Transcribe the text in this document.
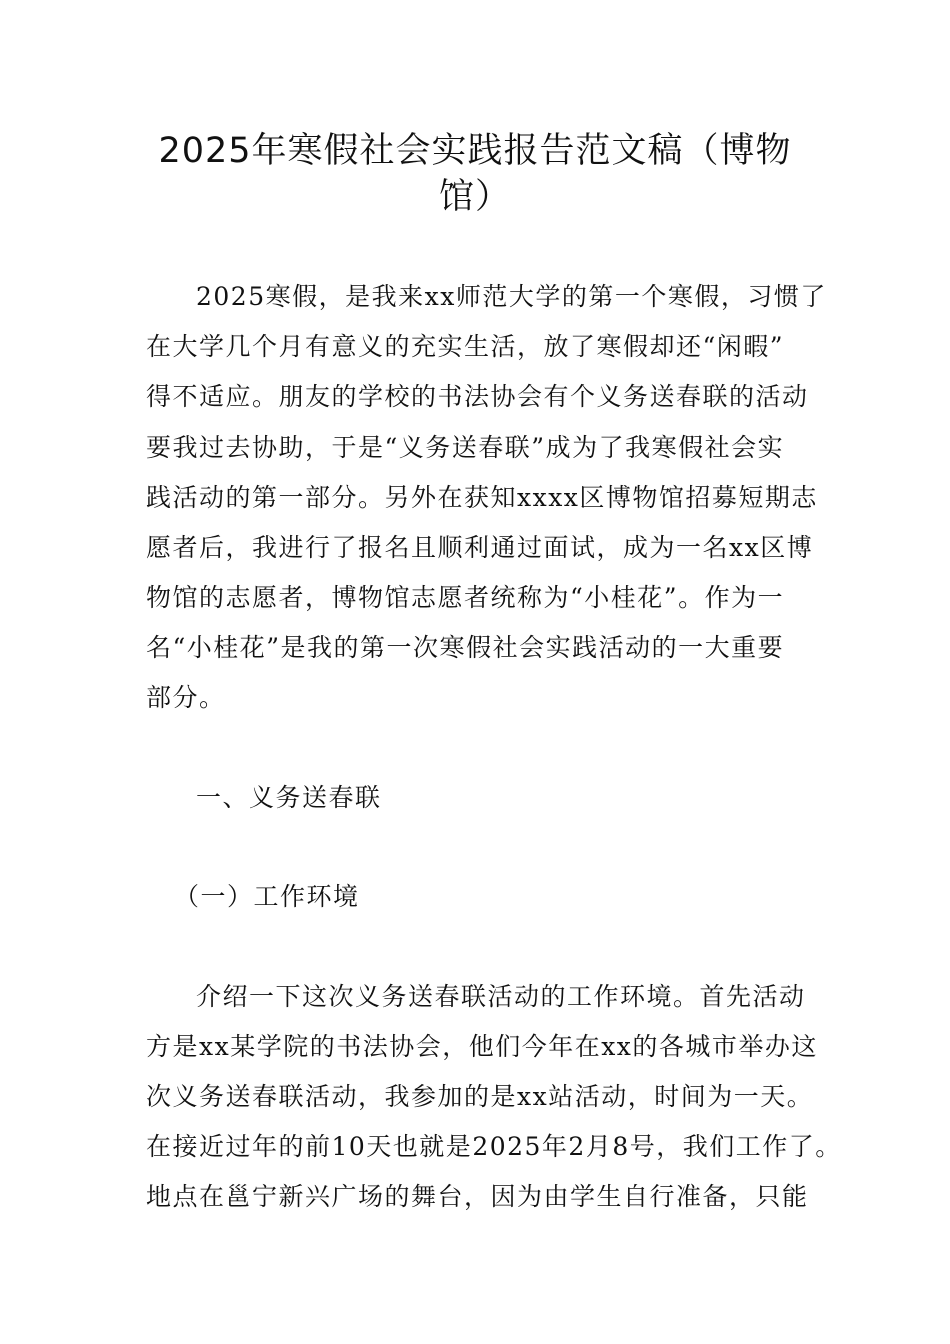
2025年寒假社会实践报告范文稿（博物
馆）

2025寒假，是我来xx师范大学的第一个寒假，习惯了

在大学几个月有意义的充实生活，放了寒假却还“闲暇”

得不适应。朋友的学校的书法协会有个义务送春联的活动

要我过去协助，于是“义务送春联”成为了我寒假社会实

践活动的第一部分。另外在获知xxxx区博物馆招募短期志

愿者后，我进行了报名且顺利通过面试，成为一名xx区博

物馆的志愿者，博物馆志愿者统称为“小桂花”。作为一

名“小桂花”是我的第一次寒假社会实践活动的一大重要

部分。

一、义务送春联

（一）工作环境

介绍一下这次义务送春联活动的工作环境。首先活动

方是xx某学院的书法协会，他们今年在xx的各城市举办这

次义务送春联活动，我参加的是xx站活动，时间为一天。

在接近过年的前10天也就是2025年2月8号，我们工作了。

地点在邕宁新兴广场的舞台，因为由学生自行准备，只能
